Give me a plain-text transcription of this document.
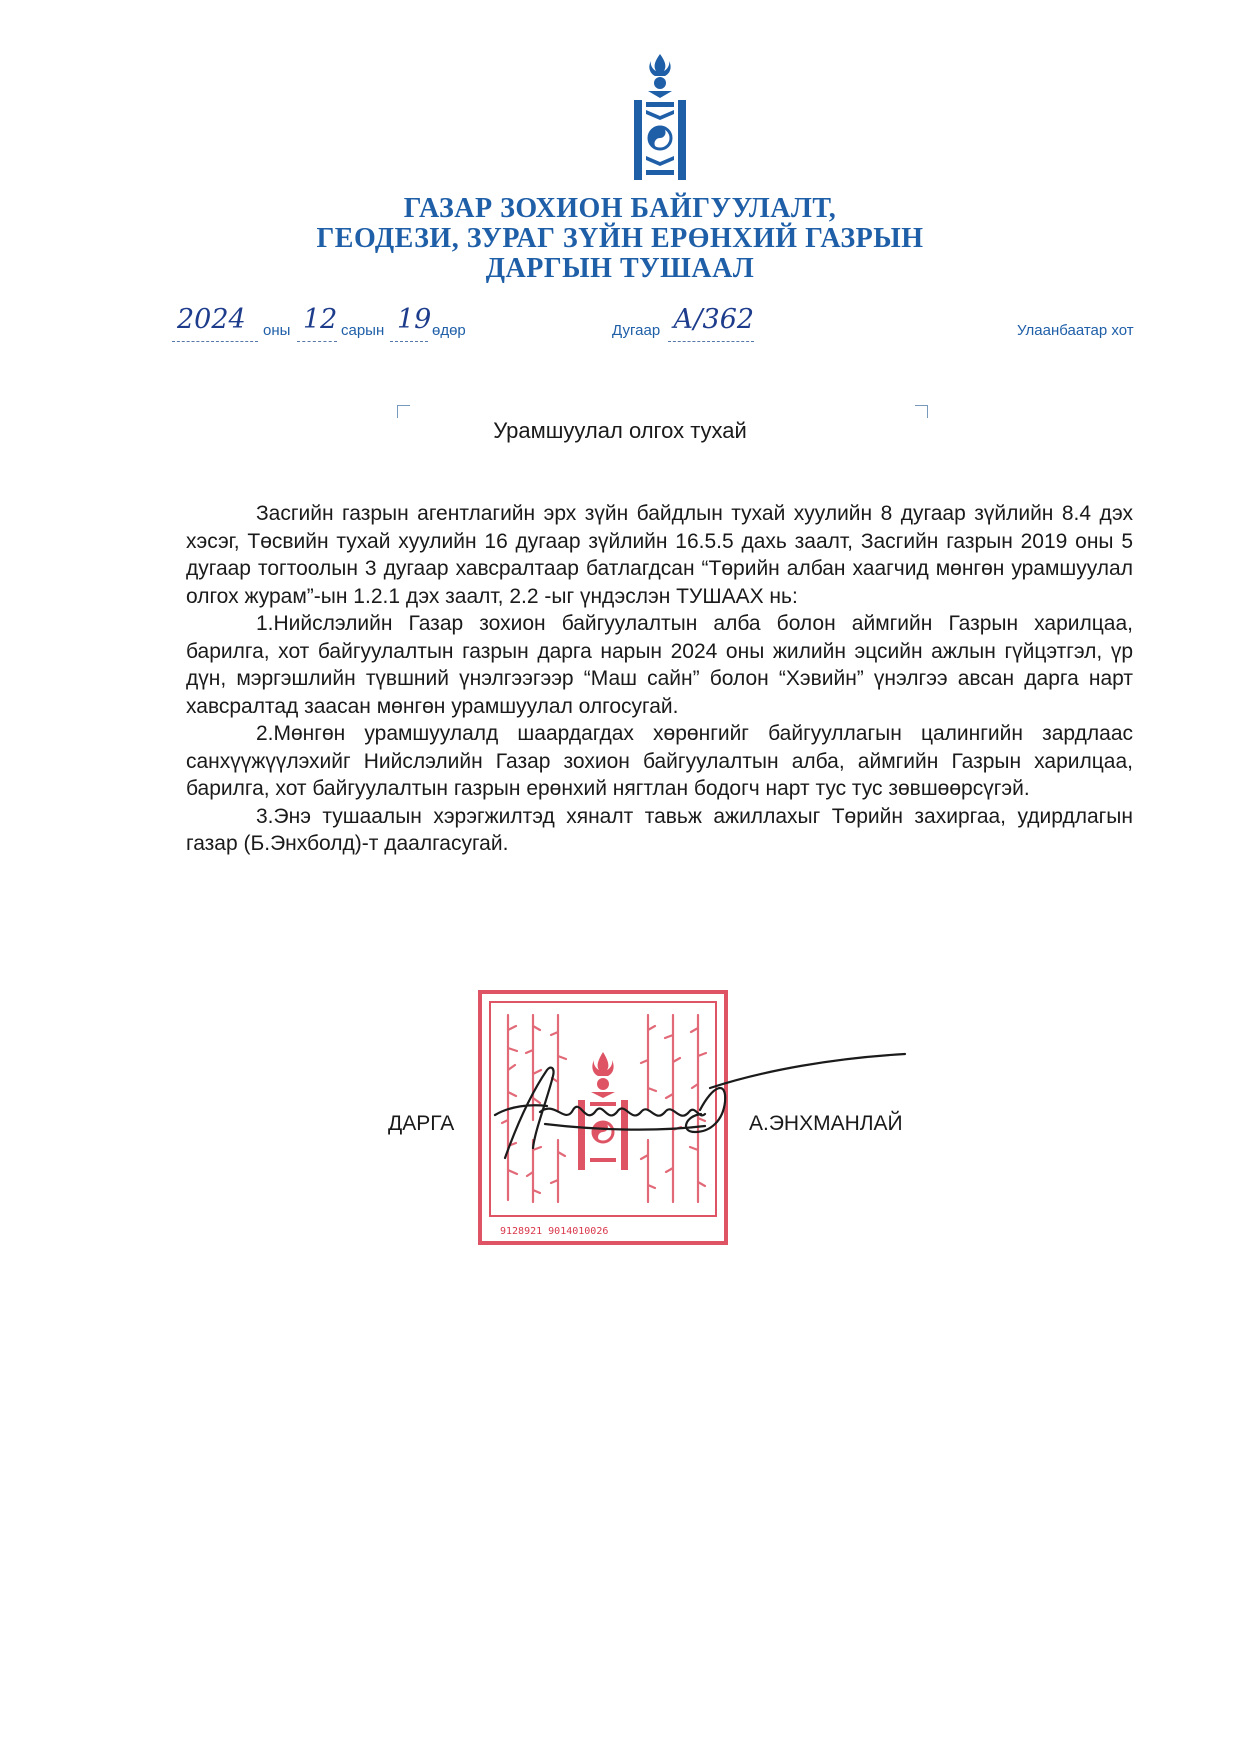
ГАЗАР ЗОХИОН БАЙГУУЛАЛТ,
ГЕОДЕЗИ, ЗУРАГ ЗҮЙН ЕРӨНХИЙ ГАЗРЫН
ДАРГЫН ТУШААЛ
2024 оны 12 сарын 19 өдөр	Дугаар А/362	Улаанбаатар хот
Урамшуулал олгох тухай

Засгийн газрын агентлагийн эрх зүйн байдлын тухай хуулийн 8 дугаар зүйлийн 8.4 дэх хэсэг, Төсвийн тухай хуулийн 16 дугаар зүйлийн 16.5.5 дахь заалт, Засгийн газрын 2019 оны 5 дугаар тогтоолын 3 дугаар хавсралтаар батлагдсан “Төрийн албан хаагчид мөнгөн урамшуулал олгох журам”-ын 1.2.1 дэх заалт, 2.2 -ыг үндэслэн ТУШААХ нь:

1.Нийслэлийн Газар зохион байгуулалтын алба болон аймгийн Газрын харилцаа, барилга, хот байгуулалтын газрын дарга нарын 2024 оны жилийн эцсийн ажлын гүйцэтгэл, үр дүн, мэргэшлийн түвшний үнэлгээгээр “Маш сайн” болон “Хэвийн” үнэлгээ авсан дарга нарт хавсралтад заасан мөнгөн урамшуулал олгосугай.

2.Мөнгөн урамшуулалд шаардагдах хөрөнгийг байгууллагын цалингийн зардлаас санхүүжүүлэхийг Нийслэлийн Газар зохион байгуулалтын алба, аймгийн Газрын харилцаа, барилга, хот байгуулалтын газрын ерөнхий нягтлан бодогч нарт тус тус зөвшөөрсүгэй.

3.Энэ тушаалын хэрэгжилтэд хяналт тавьж ажиллахыг Төрийн захиргаа, удирдлагын газар (Б.Энхболд)-т даалгасугай.

9128921 9014010026
ДАРГА	А.ЭНХМАНЛАЙ
